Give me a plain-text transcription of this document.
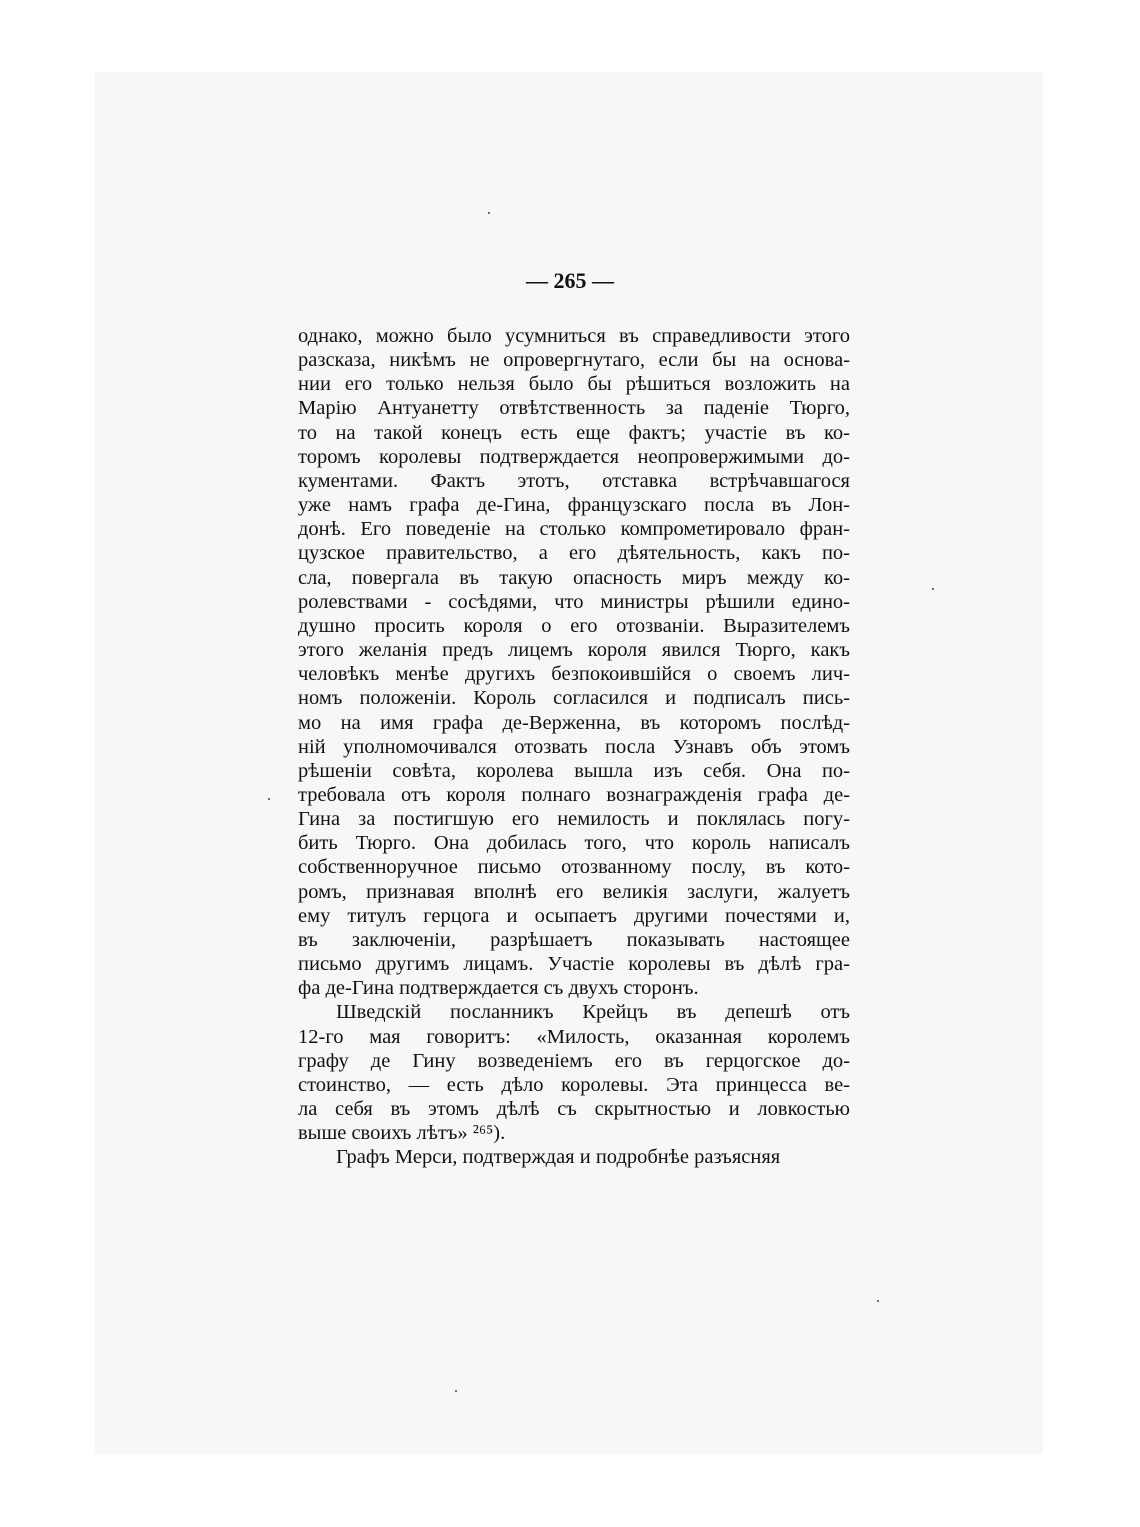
— 265 —
однако, можно было усумниться въ справедливости этого
разсказа, никѣмъ не опровергнутаго, если бы на основа-
нии его только нельзя было бы рѣшиться возложить на
Марію Антуанетту отвѣтственность за паденіе Тюрго,
то на такой конецъ есть еще фактъ; участіе въ ко-
торомъ королевы подтверждается неопровержимыми до-
кументами. Фактъ этотъ, отставка встрѣчавшагося
уже намъ графа де-Гина, французскаго посла въ Лон-
донѣ. Его поведеніе на столько компрометировало фран-
цузское правительство, а его дѣятельность, какъ по-
сла, повергала въ такую опасность миръ между ко-
ролевствами - сосѣдями, что министры рѣшили едино-
душно просить короля о его отозваніи. Выразителемъ
этого желанія предъ лицемъ короля явился Тюрго, какъ
человѣкъ менѣе другихъ безпокоившійся о своемъ лич-
номъ положеніи. Король согласился и подписалъ пись-
мо на имя графа де-Верженна, въ которомъ послѣд-
ній уполномочивался отозвать посла Узнавъ объ этомъ
рѣшеніи совѣта, королева вышла изъ себя. Она по-
требовала отъ короля полнаго вознагражденія графа де-
Гина за постигшую его немилость и поклялась погу-
бить Тюрго. Она добилась того, что король написалъ
собственноручное письмо отозванному послу, въ кото-
ромъ, признавая вполнѣ его великія заслуги, жалуетъ
ему титулъ герцога и осыпаетъ другими почестями и,
въ заключеніи, разрѣшаетъ показывать настоящее
письмо другимъ лицамъ. Участіе королевы въ дѣлѣ гра-
фа де-Гина подтверждается съ двухъ сторонъ.
Шведскій посланникъ Крейцъ въ депешѣ отъ
12-го мая говоритъ: «Милость, оказанная королемъ
графу де Гину возведеніемъ его въ герцогское до-
стоинство, — есть дѣло королевы. Эта принцесса ве-
ла себя въ этомъ дѣлѣ съ скрытностью и ловкостью
выше своихъ лѣтъ» ²⁶⁵).
Графъ Мерси, подтверждая и подробнѣе разъясняя
